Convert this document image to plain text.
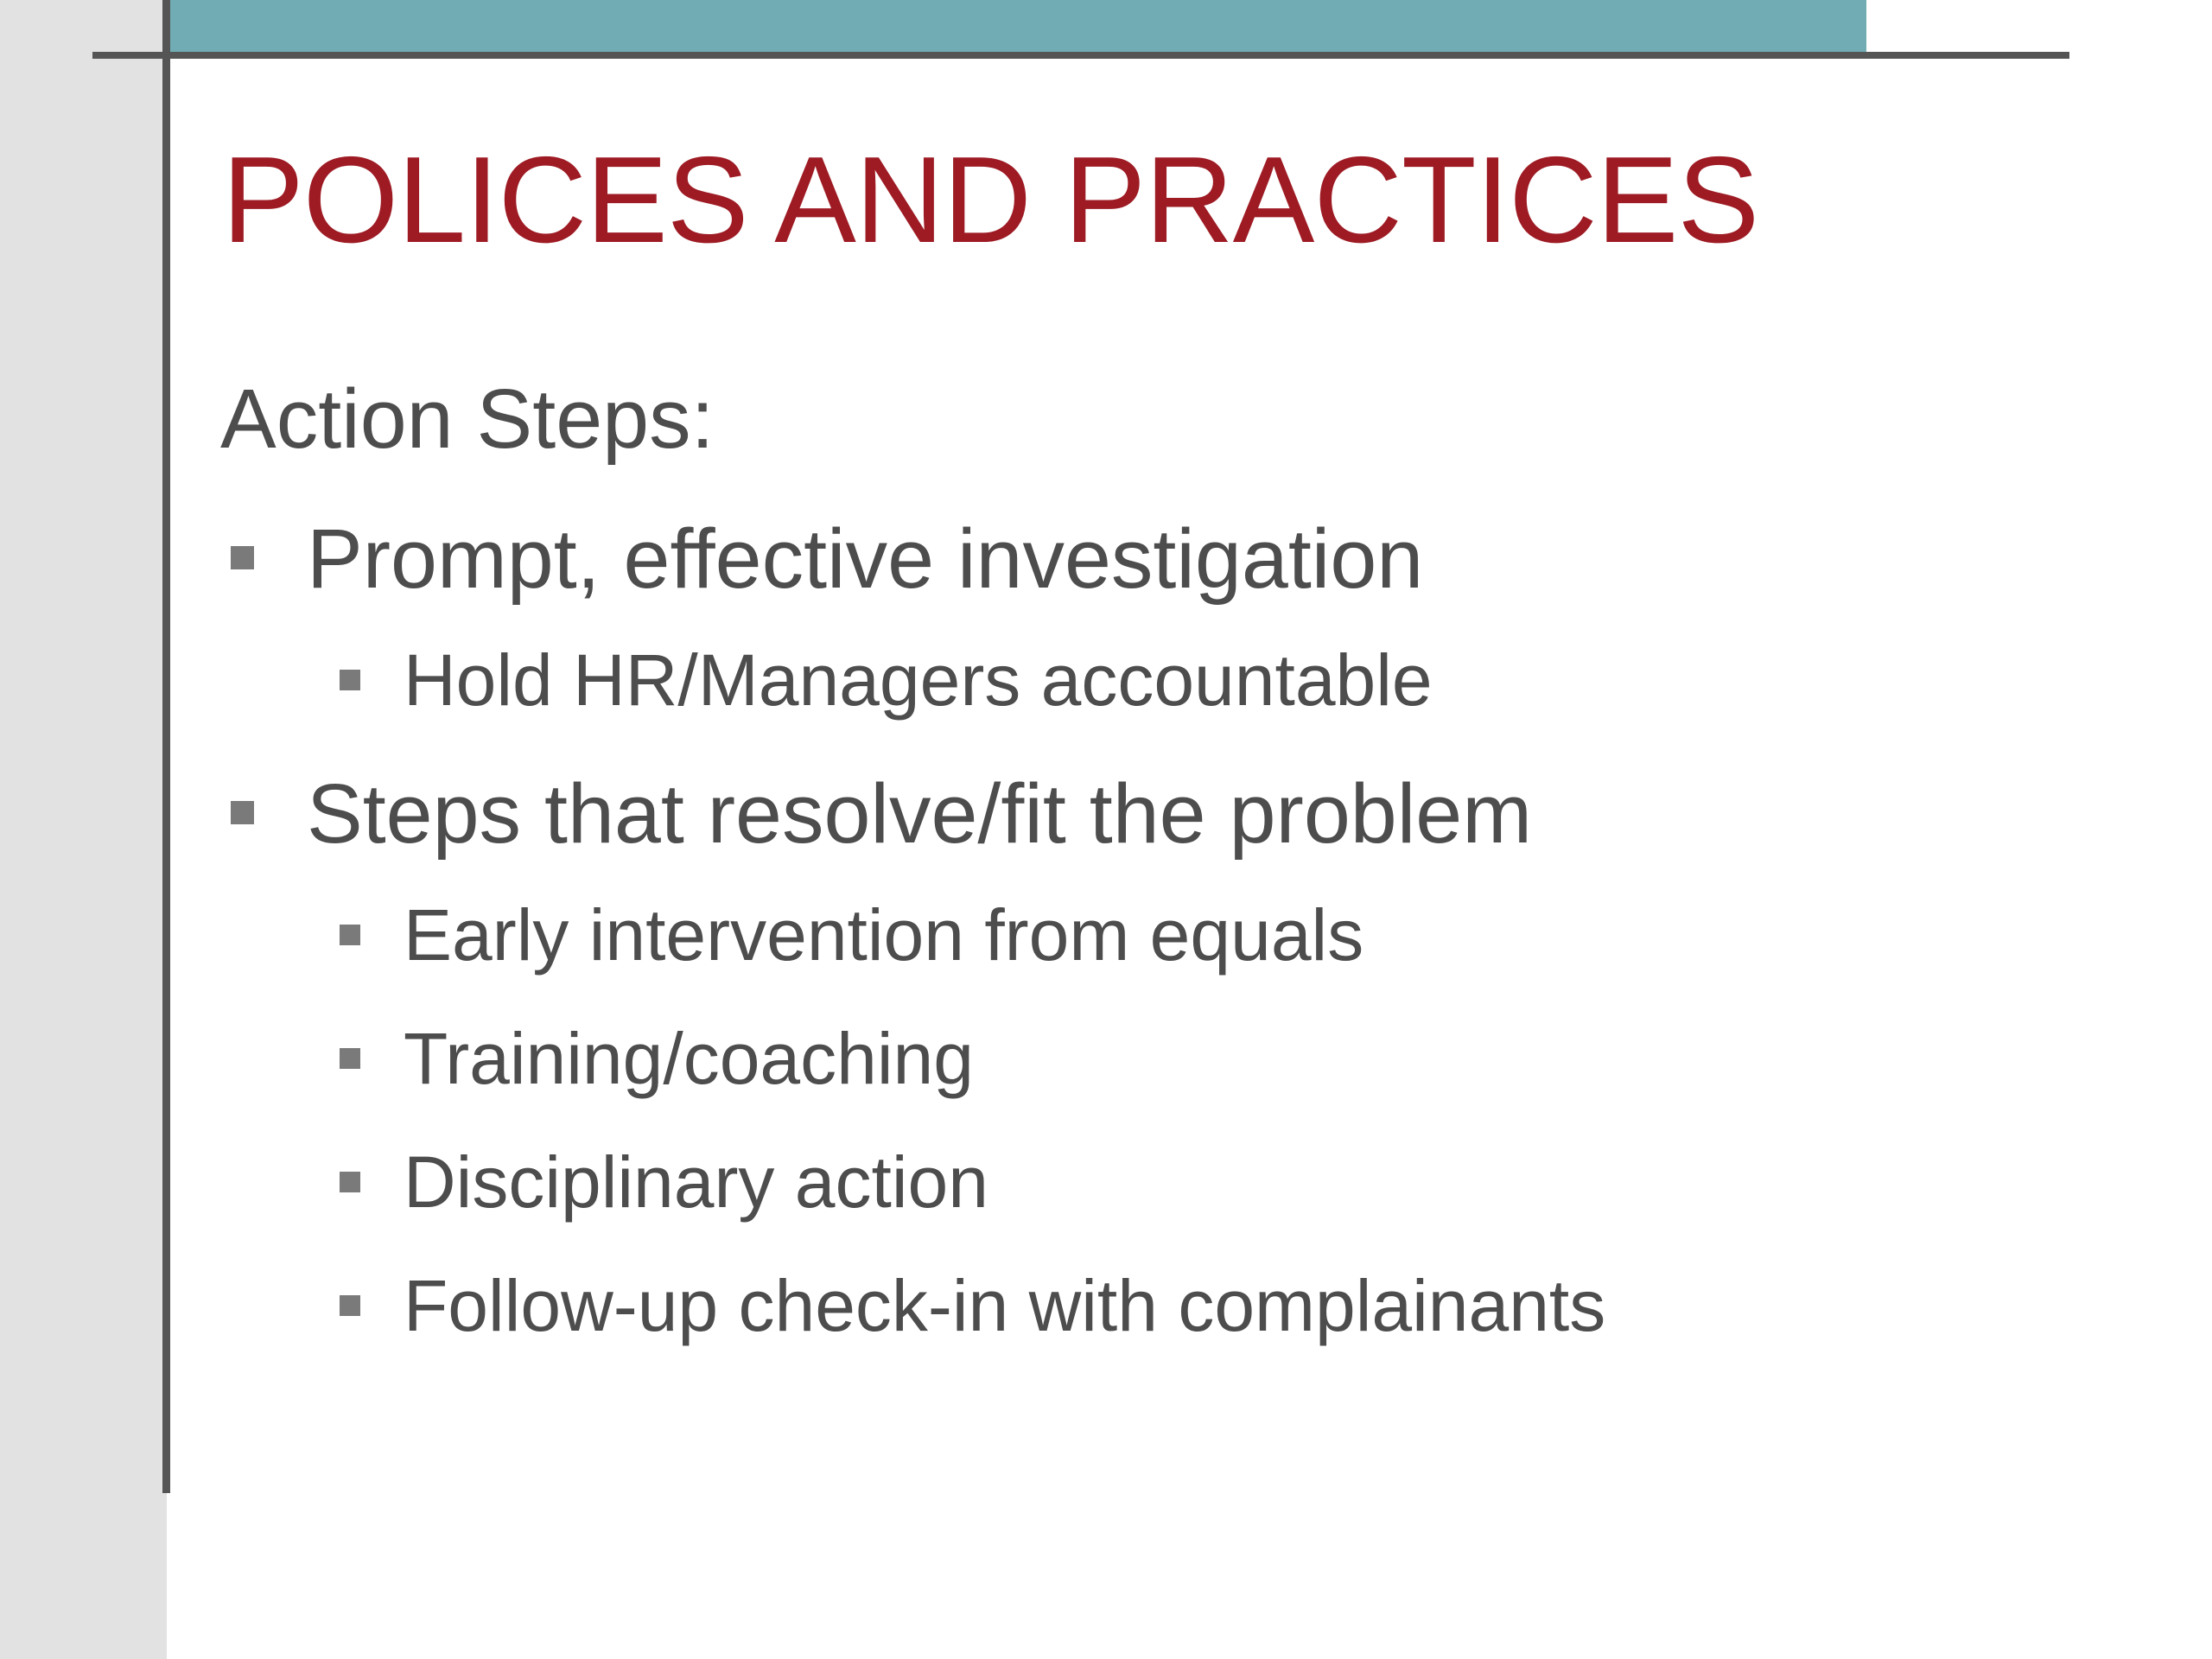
POLICES AND PRACTICES
Action Steps:
Prompt, effective investigation
Hold HR/Managers accountable
Steps that resolve/fit the problem
Early intervention from equals
Training/coaching
Disciplinary action
Follow-up check-in with complainants
